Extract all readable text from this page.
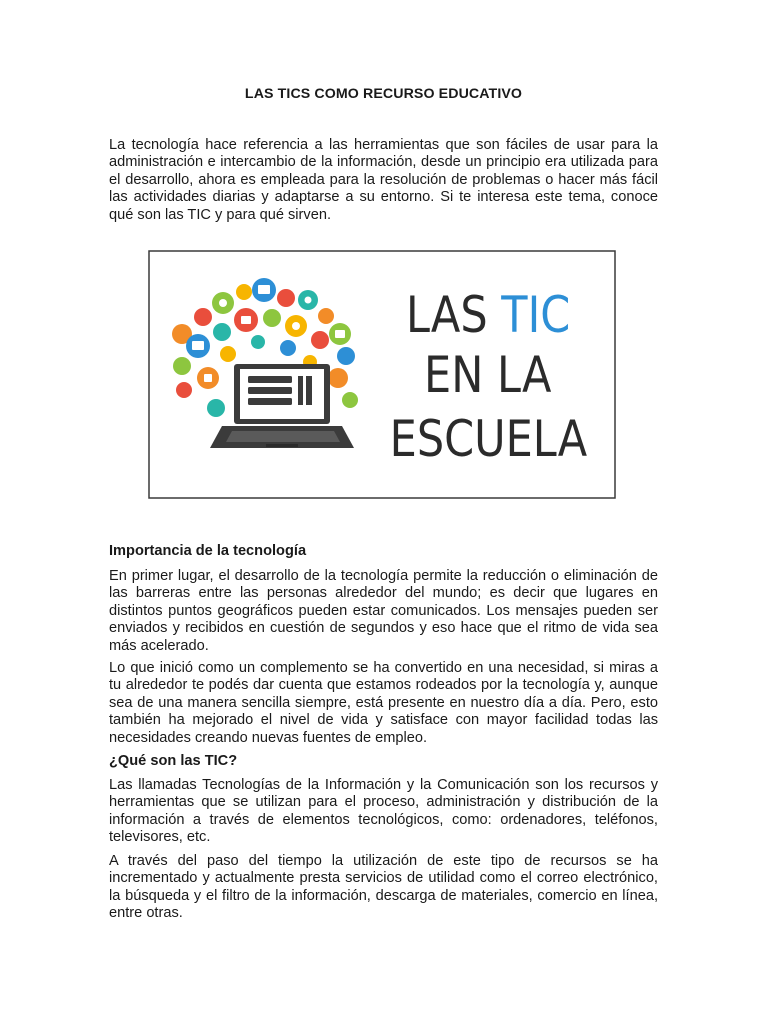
LAS TICS COMO RECURSO EDUCATIVO

La tecnología hace referencia a las herramientas que son fáciles de usar para la administración e intercambio de la información, desde un principio era utilizada para el desarrollo, ahora es empleada para la resolución de problemas o hacer más fácil las actividades diarias y adaptarse a su entorno. Si te interesa este tema, conoce qué son las TIC y para qué sirven.

Importancia de la tecnología

En primer lugar, el desarrollo de la tecnología permite la reducción o eliminación de las barreras entre las personas alrededor del mundo; es decir que lugares en distintos puntos geográficos pueden estar comunicados. Los mensajes pueden ser enviados y recibidos en cuestión de segundos y eso hace que el ritmo de vida sea más acelerado.

Lo que inició como un complemento se ha convertido en una necesidad, si miras a tu alrededor te podés dar cuenta que estamos rodeados por la tecnología y, aunque sea de una manera sencilla siempre, está presente en nuestro día a día. Pero, esto también ha mejorado el nivel de vida y satisface con mayor facilidad todas las necesidades creando nuevas fuentes de empleo.

¿Qué son las TIC?

Las llamadas Tecnologías de la Información y la Comunicación son los recursos y herramientas que se utilizan para el proceso, administración y distribución de la información a través de elementos tecnológicos, como: ordenadores, teléfonos, televisores, etc.

A través del paso del tiempo la utilización de este tipo de recursos se ha incrementado y actualmente presta servicios de utilidad como el correo electrónico, la búsqueda y el filtro de la información, descarga de materiales, comercio en línea, entre otras.

LAS TIC
EN LA
ESCUELA
